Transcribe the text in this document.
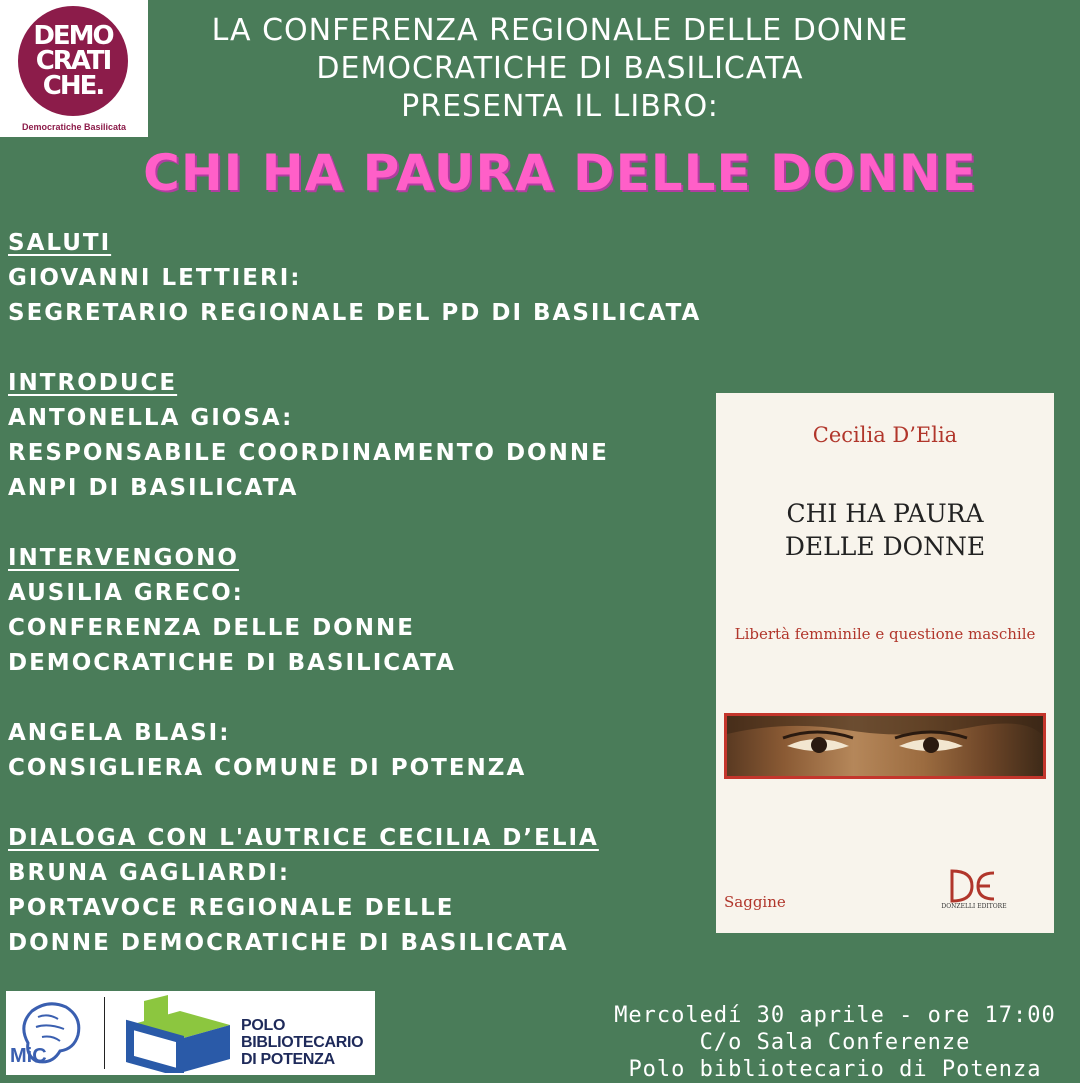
DEMO
CRATI
CHE.
Democratiche Basilicata
LA CONFERENZA REGIONALE DELLE DONNE
DEMOCRATICHE DI BASILICATA
PRESENTA IL LIBRO:
CHI HA PAURA DELLE DONNE
SALUTI
GIOVANNI LETTIERI:
SEGRETARIO REGIONALE DEL PD DI BASILICATA
INTRODUCE
ANTONELLA GIOSA:
RESPONSABILE COORDINAMENTO DONNE
ANPI DI BASILICATA
INTERVENGONO
AUSILIA GRECO:
CONFERENZA DELLE DONNE
DEMOCRATICHE DI BASILICATA
ANGELA BLASI:
CONSIGLIERA COMUNE DI POTENZA
DIALOGA CON L'AUTRICE CECILIA D’ELIA
BRUNA GAGLIARDI:
PORTAVOCE REGIONALE DELLE
DONNE DEMOCRATICHE DI BASILICATA
Cecilia D’Elia
CHI HA PAURA
DELLE DONNE
Libertà femminile e questione maschile
DONZELLI EDITORE
Saggine
MiC
POLO
BIBLIOTECARIO
DI POTENZA
Mercoledí 30 aprile - ore 17:00
C/o Sala Conferenze
Polo bibliotecario di Potenza
